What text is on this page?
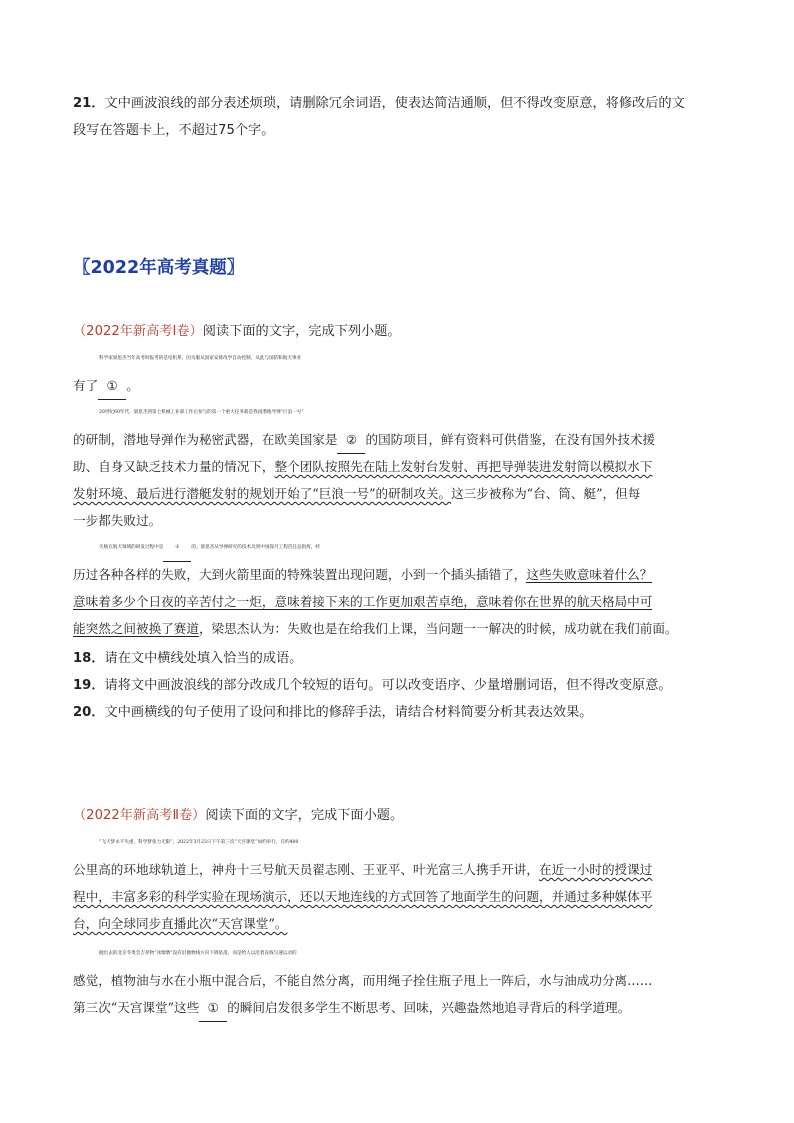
21．文中画波浪线的部分表述烦琐，请删除冗余词语，使表达简洁通顺，但不得改变原意，将修改后的文
段写在答题卡上，不超过75个字。
〖2022年高考真题〗
（2022年新高考Ⅰ卷）阅读下面的文字，完成下列小题。
科学家梁思杰当年高考时报考的是电机系，因为服从国家安排改学自动控制，从此与国防和航天事业
有了 ① 。
20世纪60年代，梁思杰到第七机械工业部工作后参与的第一个重大任务就是我国潜地导弹“巨浪一号”
的研制，潜地导弹作为秘密武器，在欧美国家是 ② 的国防项目，鲜有资料可供借鉴，在没有国外技术援
助、自身又缺乏技术力量的情况下，整个团队按照先在陆上发射台发射、再把导弹装进发射筒以模拟水下
发射环境、最后进行潜艇发射的规划开始了“巨浪一号”的研制攻关。这三步被称为“台、筒、艇”，但每
一步都失败过。
失败在航天领域的研发过程中是	③	的。梁思杰从导弹研究的技术员到中国探月工程首任总指挥，经
历过各种各样的失败，大到火箭里面的特殊装置出现问题，小到一个插头插错了，这些失败意味着什么？
意味着多少个日夜的辛苦付之一炬，意味着接下来的工作更加艰苦卓绝，意味着你在世界的航天格局中可
能突然之间被换了赛道，梁思杰认为：失败也是在给我们上课，当问题一一解决的时候，成功就在我们前面。
18．请在文中横线处填入恰当的成语。
19．请将文中画波浪线的部分改成几个较短的语句。可以改变语序、少量增删词语，但不得改变原意。
20．文中画横线的句子使用了设问和排比的修辞手法，请结合材料简要分析其表达效果。
（2022年新高考Ⅱ卷）阅读下面的文字，完成下面小题。
“飞天梦永不失重，科学梦张力无限”，2022年3月23日下午第三次“天宫课堂”如约举行，在约400
公里高的环地球轨道上，神舟十三号航天员翟志刚、王亚平、叶光富三人携手开讲，在近一小时的授课过
程中，丰富多彩的科学实验在现场演示，还以天地连线的方式回答了地面学生的问题，并通过多种媒体平
台，向全球同步直播此次“天宫课堂”。
抛出去的北京冬奥会吉祥物“冰墩墩”没有沿抛物线方向下降坠落，而是给人以沿着直线匀速运动的
感觉，植物油与水在小瓶中混合后，不能自然分离，而用绳子拴住瓶子甩上一阵后，水与油成功分离……
第三次“天宫课堂”这些 ① 的瞬间启发很多学生不断思考、回味，兴趣盎然地追寻背后的科学道理。
